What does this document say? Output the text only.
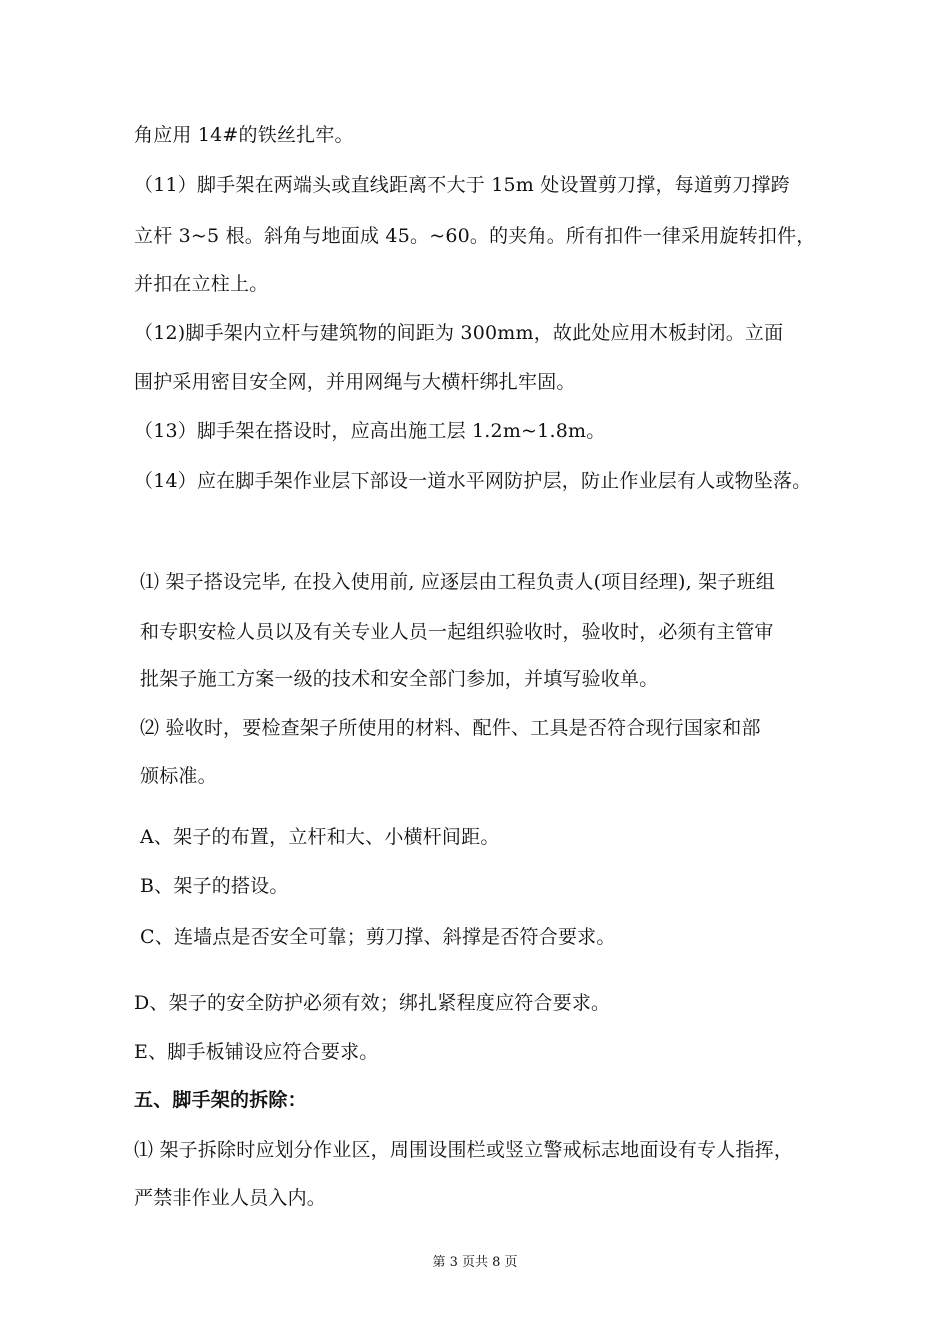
角应用 14#的铁丝扎牢。
（11）脚手架在两端头或直线距离不大于 15m 处设置剪刀撑，每道剪刀撑跨
立杆 3~5 根。斜角与地面成 45。~60。的夹角。所有扣件一律采用旋转扣件，
并扣在立柱上。
（12)脚手架内立杆与建筑物的间距为 300mm，故此处应用木板封闭。立面
围护采用密目安全网，并用网绳与大横杆绑扎牢固。
（13）脚手架在搭设时，应高出施工层 1.2m~1.8m。
（14）应在脚手架作业层下部设一道水平网防护层，防止作业层有人或物坠落。
⑴ 架子搭设完毕, 在投入使用前, 应逐层由工程负责人(项目经理), 架子班组
和专职安检人员以及有关专业人员一起组织验收时，验收时，必须有主管审
批架子施工方案一级的技术和安全部门参加，并填写验收单。
⑵ 验收时，要检查架子所使用的材料、配件、工具是否符合现行国家和部
颁标准。
A、架子的布置，立杆和大、小横杆间距。
B、架子的搭设。
C、连墙点是否安全可靠；剪刀撑、斜撑是否符合要求。
D、架子的安全防护必须有效；绑扎紧程度应符合要求。
E、脚手板铺设应符合要求。
五、脚手架的拆除：
⑴ 架子拆除时应划分作业区，周围设围栏或竖立警戒标志地面设有专人指挥，
严禁非作业人员入内。
第 3 页共 8 页
